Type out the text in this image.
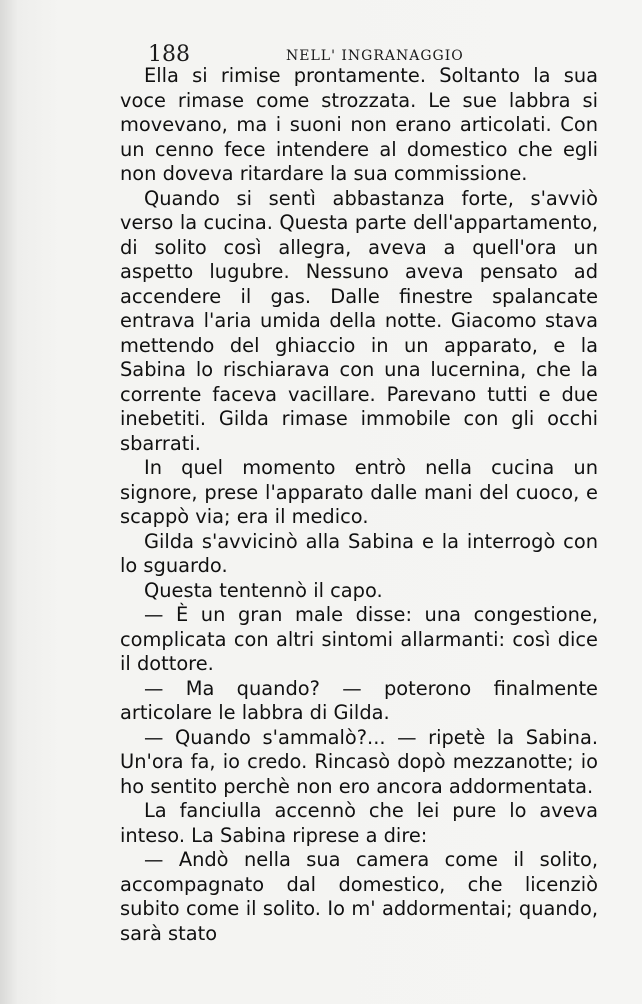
188	NELL' INGRANAGGIO

Ella si rimise prontamente. Soltanto la sua voce rimase come strozzata. Le sue labbra si movevano, ma i suoni non erano articolati. Con un cenno fece intendere al domestico che egli non doveva ritardare la sua commissione.

Quando si sentì abbastanza forte, s'avviò verso la cucina. Questa parte dell'appartamento, di solito così allegra, aveva a quell'ora un aspetto lugubre. Nessuno aveva pensato ad accendere il gas. Dalle finestre spalancate entrava l'aria umida della notte. Giacomo stava mettendo del ghiaccio in un apparato, e la Sabina lo rischiarava con una lucernina, che la corrente faceva vacillare. Parevano tutti e due inebetiti. Gilda rimase immobile con gli occhi sbarrati.

In quel momento entrò nella cucina un signore, prese l'apparato dalle mani del cuoco, e scappò via; era il medico.

Gilda s'avvicinò alla Sabina e la interrogò con lo sguardo.

Questa tentennò il capo.

— È un gran male disse: una congestione, complicata con altri sintomi allarmanti: così dice il dottore.

— Ma quando? — poterono finalmente articolare le labbra di Gilda.

— Quando s'ammalò?... — ripetè la Sabina. Un'ora fa, io credo. Rincasò dopò mezzanotte; io ho sentito perchè non ero ancora addormentata.

La fanciulla accennò che lei pure lo aveva inteso. La Sabina riprese a dire:

— Andò nella sua camera come il solito, accompagnato dal domestico, che licenziò subito come il solito. Io m' addormentai; quando, sarà stato
